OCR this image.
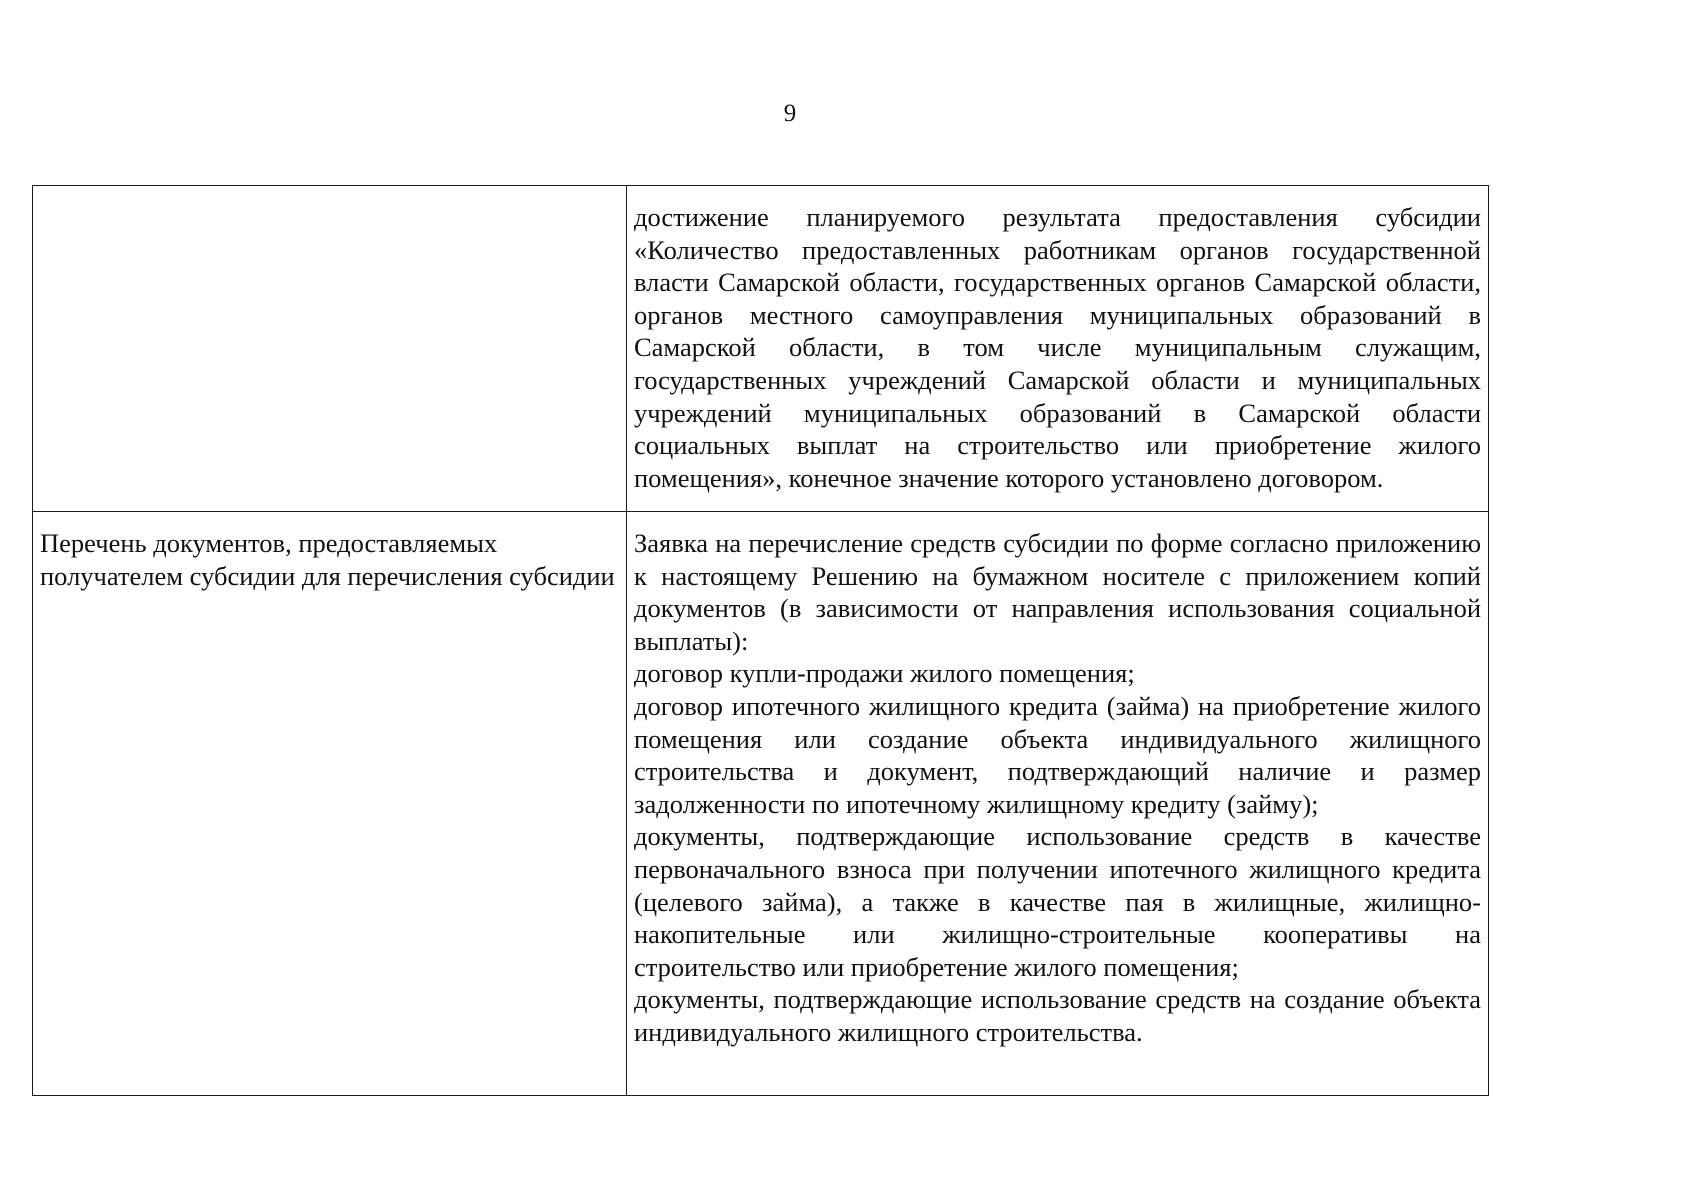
9

	достижение планируемого результата предоставления субсидии «Количество предоставленных работникам органов государственной власти Самарской области, государственных органов Самарской области, органов местного самоуправления муниципальных образований в Самарской области, в том числе муниципальным служащим, государственных учреждений Самарской области и муниципальных учреждений муниципальных образований в Самарской области социальных выплат на строительство или приобретение жилого помещения», конечное значение которого установлено договором.

Перечень документов, предоставляемых получателем субсидии для перечисления субсидии	Заявка на перечисление средств субсидии по форме согласно приложению к настоящему Решению на бумажном носителе с приложением копий документов (в зависимости от направления использования социальной выплаты):
договор купли-продажи жилого помещения;
договор ипотечного жилищного кредита (займа) на приобретение жилого помещения или создание объекта индивидуального жилищного строительства и документ, подтверждающий наличие и размер задолженности по ипотечному жилищному кредиту (займу);
документы, подтверждающие использование средств в качестве первоначального взноса при получении ипотечного жилищного кредита (целевого займа), а также в качестве пая в жилищные, жилищно-накопительные или жилищно-строительные кооперативы на строительство или приобретение жилого помещения;
документы, подтверждающие использование средств на создание объекта индивидуального жилищного строительства.
